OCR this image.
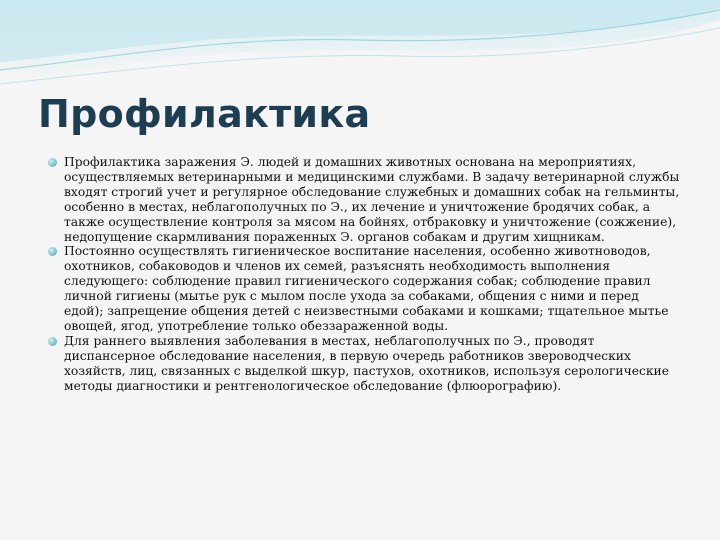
Профилактика
Профилактика заражения Э. людей и домашних животных основана на мероприятиях, осуществляемых ветеринарными и медицинскими службами. В задачу ветеринарной службы входят строгий учет и регулярное обследование служебных и домашних собак на гельминты, особенно в местах, неблагополучных по Э., их лечение и уничтожение бродячих собак, а также осуществление контроля за мясом на бойнях, отбраковку и уничтожение (сожжение), недопущение скармливания пораженных Э. органов собакам и другим хищникам.
Постоянно осуществлять гигиеническое воспитание населения, особенно животноводов, охотников, собаководов и членов их семей, разъяснять необходимость выполнения следующего: соблюдение правил гигиенического содержания собак; соблюдение правил личной гигиены (мытье рук с мылом после ухода за собаками, общения с ними и перед едой); запрещение общения детей с неизвестными собаками и кошками; тщательное мытье овощей, ягод, употребление только обеззараженной воды.
Для раннего выявления заболевания в местах, неблагополучных по Э., проводят диспансерное обследование населения, в первую очередь работников звероводческих хозяйств, лиц, связанных с выделкой шкур, пастухов, охотников, используя серологические методы диагностики и рентгенологическое обследование (флюорографию).
